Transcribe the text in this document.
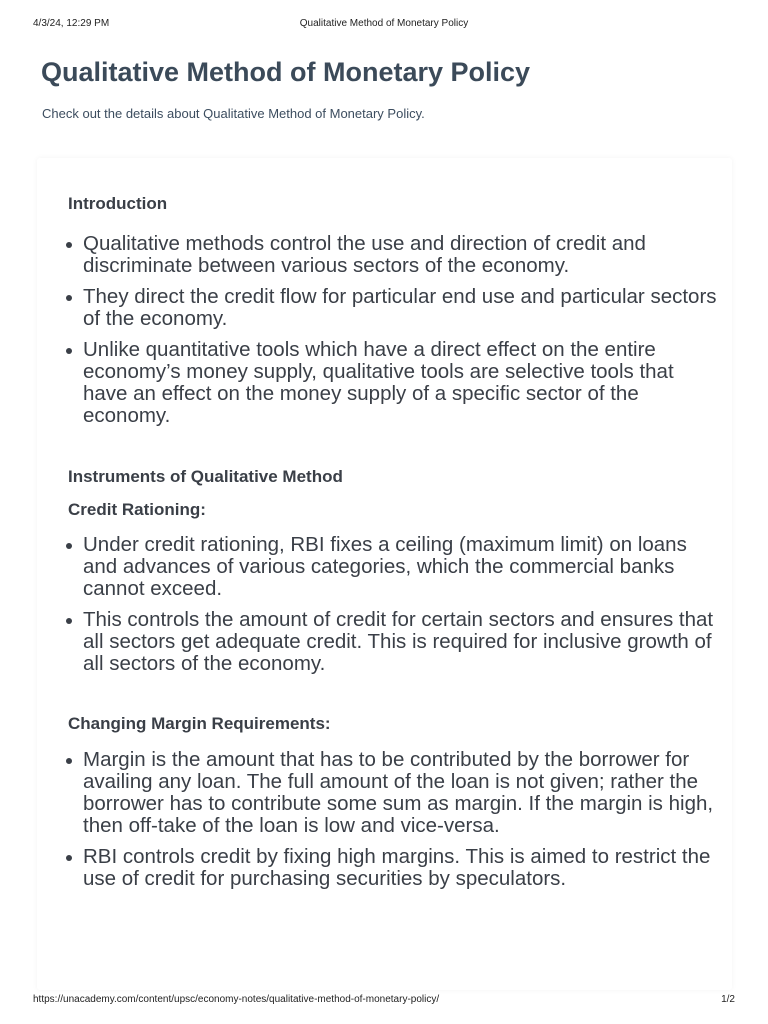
4/3/24, 12:29 PM	Qualitative Method of Monetary Policy
Qualitative Method of Monetary Policy

Check out the details about Qualitative Method of Monetary Policy.

Introduction
Qualitative methods control the use and direction of credit and discriminate between various sectors of the economy.
They direct the credit flow for particular end use and particular sectors of the economy.
Unlike quantitative tools which have a direct effect on the entire economy’s money supply, qualitative tools are selective tools that have an effect on the money supply of a specific sector of the economy.
Instruments of Qualitative Method
Credit Rationing:
Under credit rationing, RBI fixes a ceiling (maximum limit) on loans and advances of various categories, which the commercial banks cannot exceed.
This controls the amount of credit for certain sectors and ensures that all sectors get adequate credit. This is required for inclusive growth of all sectors of the economy.
Changing Margin Requirements:
Margin is the amount that has to be contributed by the borrower for availing any loan. The full amount of the loan is not given; rather the borrower has to contribute some sum as margin. If the margin is high, then off-take of the loan is low and vice-versa.
RBI controls credit by fixing high margins. This is aimed to restrict the use of credit for purchasing securities by speculators.
https://unacademy.com/content/upsc/economy-notes/qualitative-method-of-monetary-policy/	1/2
